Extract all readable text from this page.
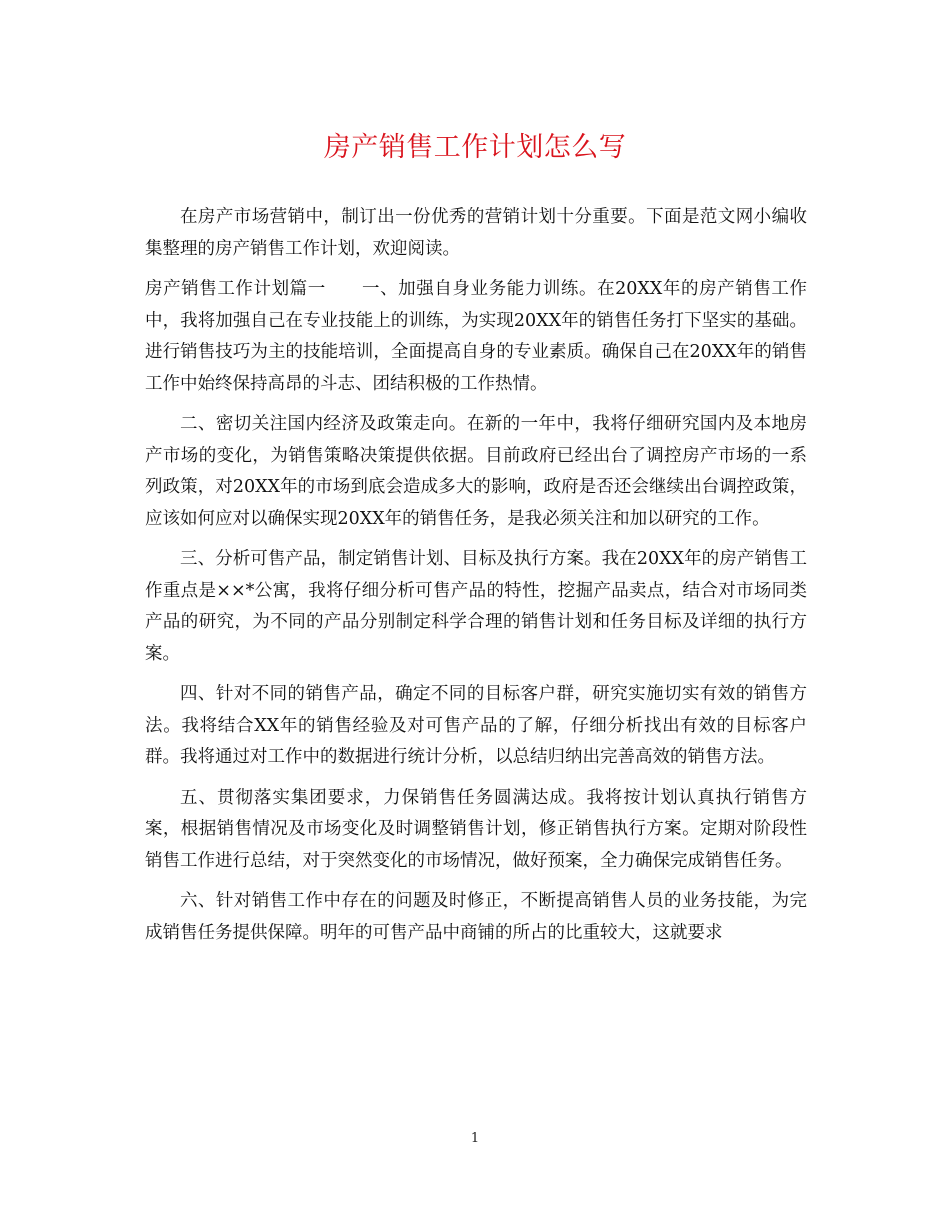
房产销售工作计划怎么写

在房产市场营销中，制订出一份优秀的营销计划十分重要。下面是范文网小编收集整理的房产销售工作计划，欢迎阅读。

房产销售工作计划篇一　　一、加强自身业务能力训练。在20XX年的房产销售工作中，我将加强自己在专业技能上的训练，为实现20XX年的销售任务打下坚实的基础。进行销售技巧为主的技能培训，全面提高自身的专业素质。确保自己在20XX年的销售工作中始终保持高昂的斗志、团结积极的工作热情。

二、密切关注国内经济及政策走向。在新的一年中，我将仔细研究国内及本地房产市场的变化，为销售策略决策提供依据。目前政府已经出台了调控房产市场的一系列政策，对20XX年的市场到底会造成多大的影响，政府是否还会继续出台调控政策，应该如何应对以确保实现20XX年的销售任务，是我必须关注和加以研究的工作。

三、分析可售产品，制定销售计划、目标及执行方案。我在20XX年的房产销售工作重点是××*公寓，我将仔细分析可售产品的特性，挖掘产品卖点，结合对市场同类产品的研究，为不同的产品分别制定科学合理的销售计划和任务目标及详细的执行方案。

四、针对不同的销售产品，确定不同的目标客户群，研究实施切实有效的销售方法。我将结合XX年的销售经验及对可售产品的了解，仔细分析找出有效的目标客户群。我将通过对工作中的数据进行统计分析，以总结归纳出完善高效的销售方法。

五、贯彻落实集团要求，力保销售任务圆满达成。我将按计划认真执行销售方案，根据销售情况及市场变化及时调整销售计划，修正销售执行方案。定期对阶段性销售工作进行总结，对于突然变化的市场情况，做好预案，全力确保完成销售任务。

六、针对销售工作中存在的问题及时修正，不断提高销售人员的业务技能，为完成销售任务提供保障。明年的可售产品中商铺的所占的比重较大，这就要求

1
